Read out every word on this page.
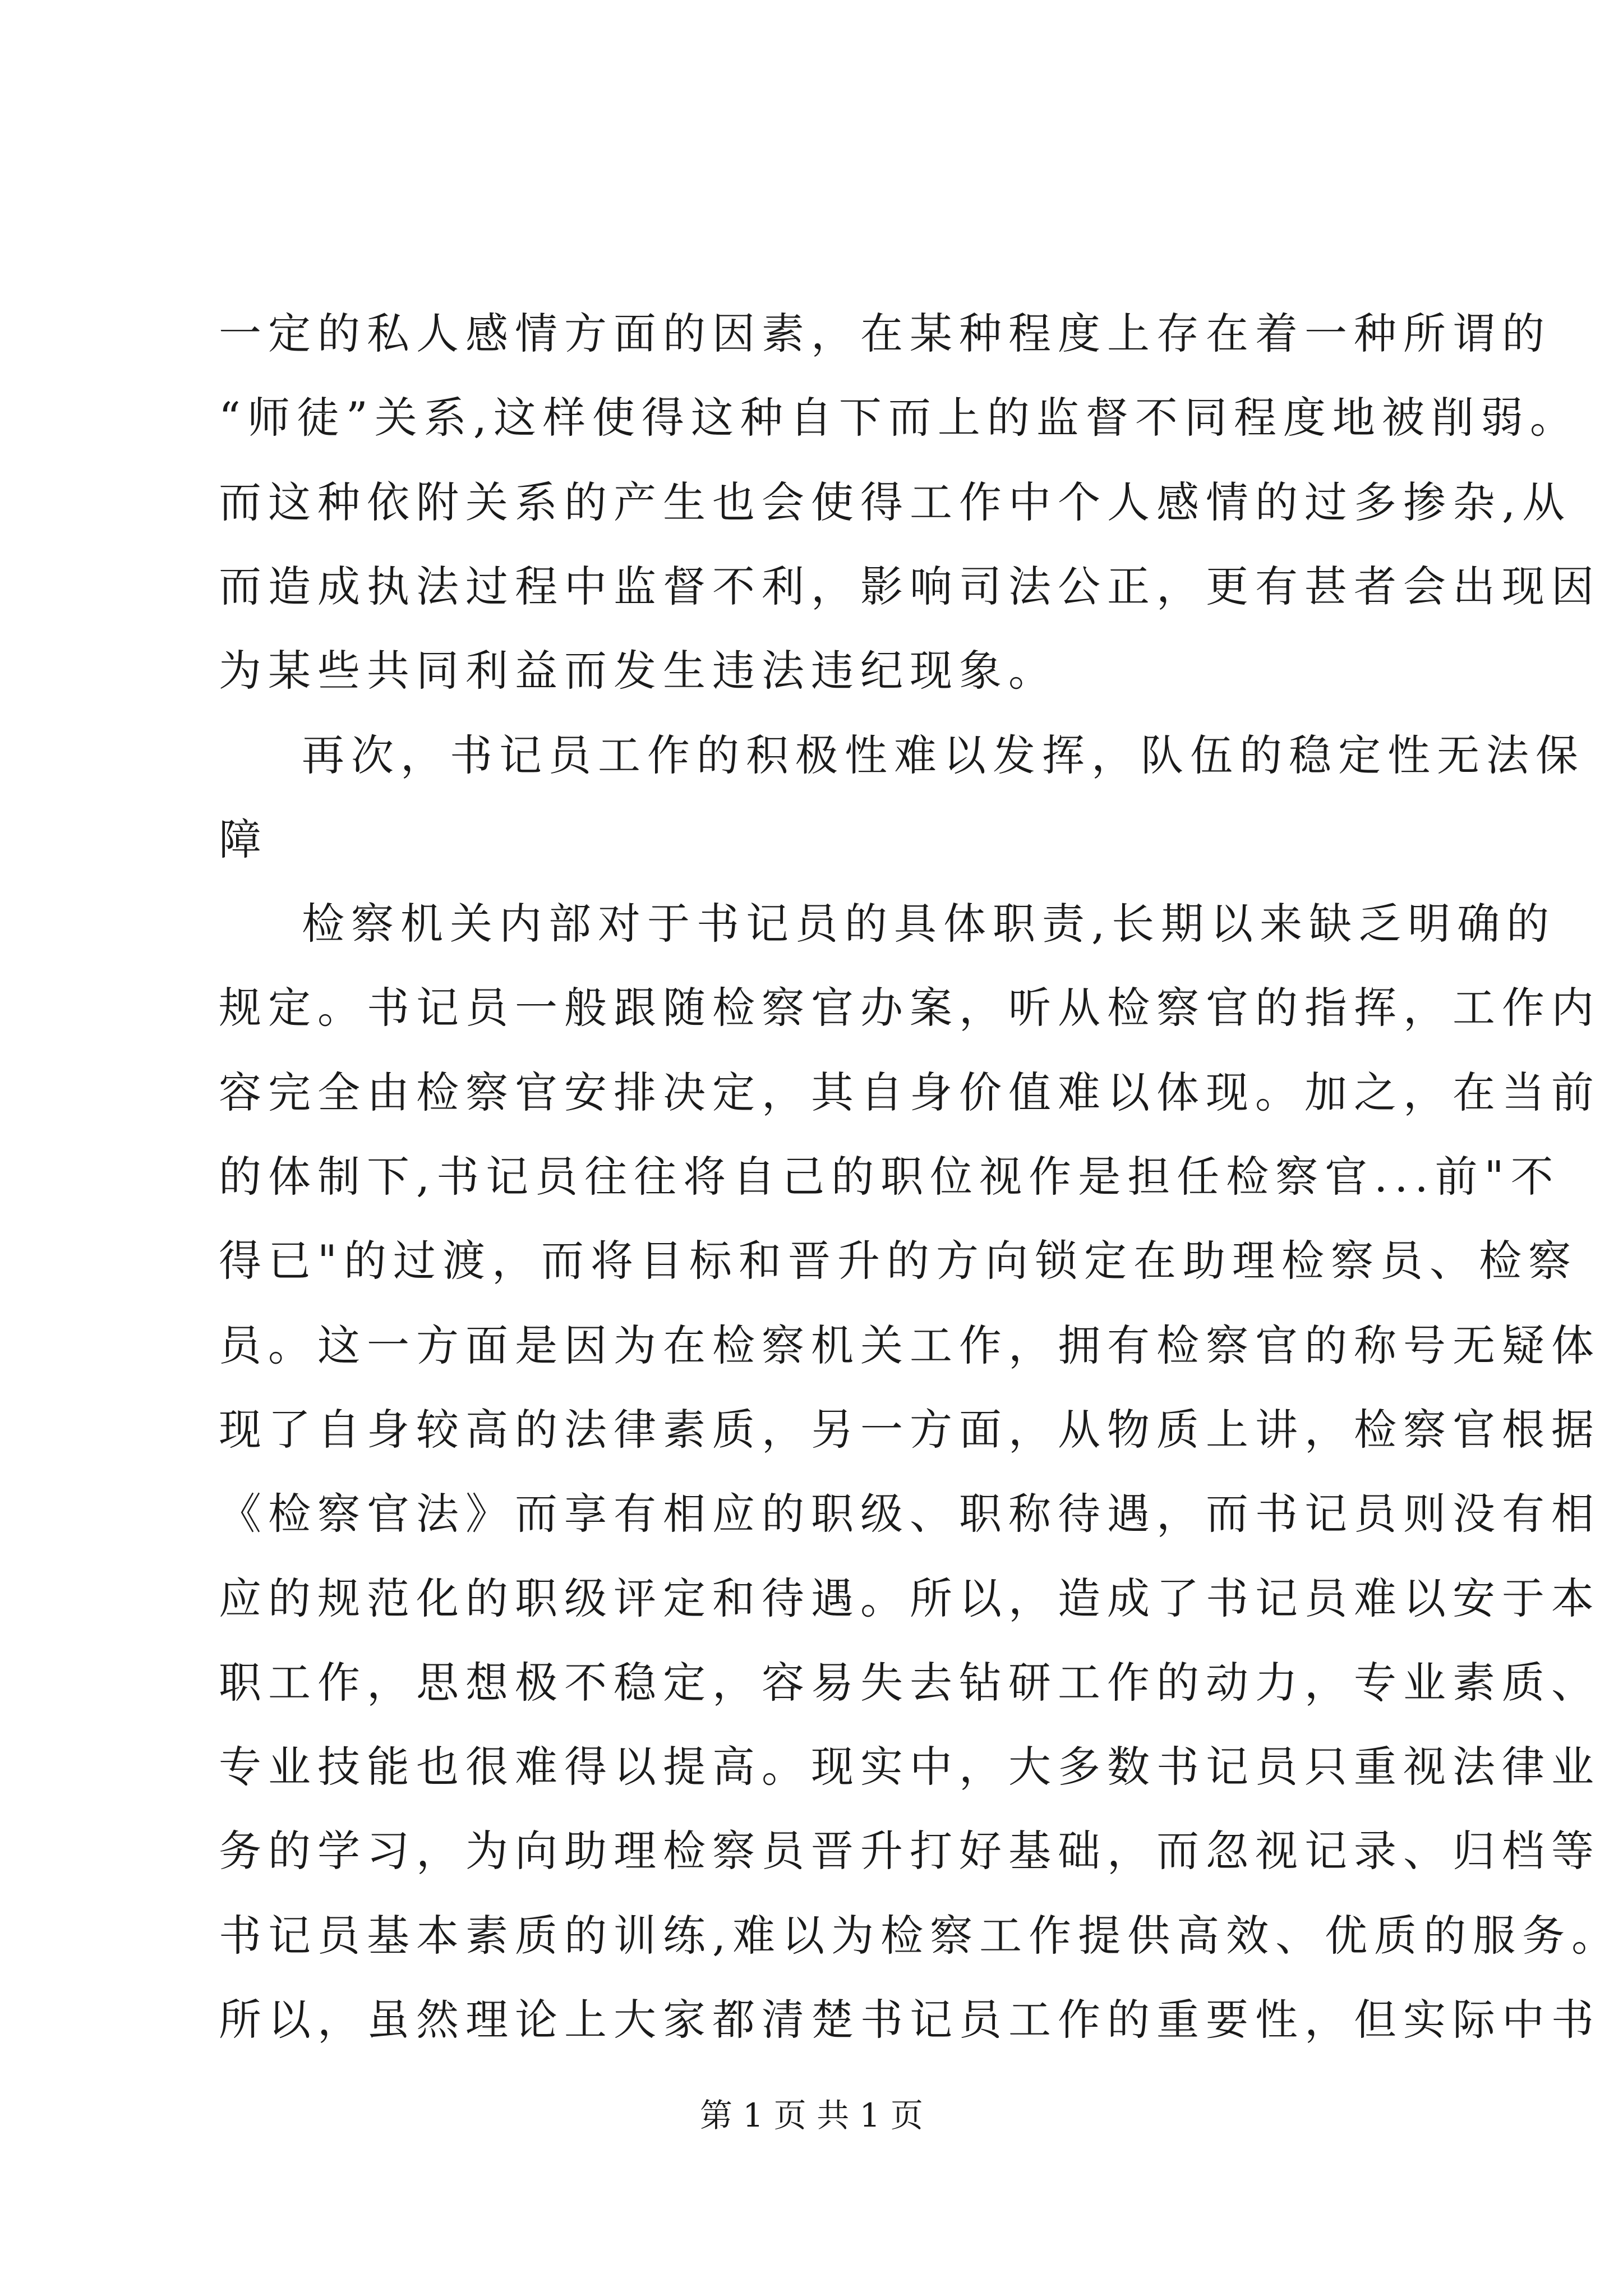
第 1 页 共 1 页
一定的私人感情方面的因素，在某种程度上存在着一种所谓的
“师徒”关系,这样使得这种自下而上的监督不同程度地被削弱。
而这种依附关系的产生也会使得工作中个人感情的过多掺杂,从
而造成执法过程中监督不利，影响司法公正，更有甚者会出现因
为某些共同利益而发生违法违纪现象。
再次，书记员工作的积极性难以发挥，队伍的稳定性无法保
障
检察机关内部对于书记员的具体职责,长期以来缺乏明确的
规定。书记员一般跟随检察官办案，听从检察官的指挥，工作内
容完全由检察官安排决定，其自身价值难以体现。加之，在当前
的体制下,书记员往往将自己的职位视作是担任检察官...前"不
得已"的过渡，而将目标和晋升的方向锁定在助理检察员、检察
员。这一方面是因为在检察机关工作，拥有检察官的称号无疑体
现了自身较高的法律素质，另一方面，从物质上讲，检察官根据
《检察官法》而享有相应的职级、职称待遇，而书记员则没有相
应的规范化的职级评定和待遇。所以，造成了书记员难以安于本
职工作，思想极不稳定，容易失去钻研工作的动力，专业素质、
专业技能也很难得以提高。现实中，大多数书记员只重视法律业
务的学习，为向助理检察员晋升打好基础，而忽视记录、归档等
书记员基本素质的训练,难以为检察工作提供高效、优质的服务。
所以，虽然理论上大家都清楚书记员工作的重要性，但实际中书
